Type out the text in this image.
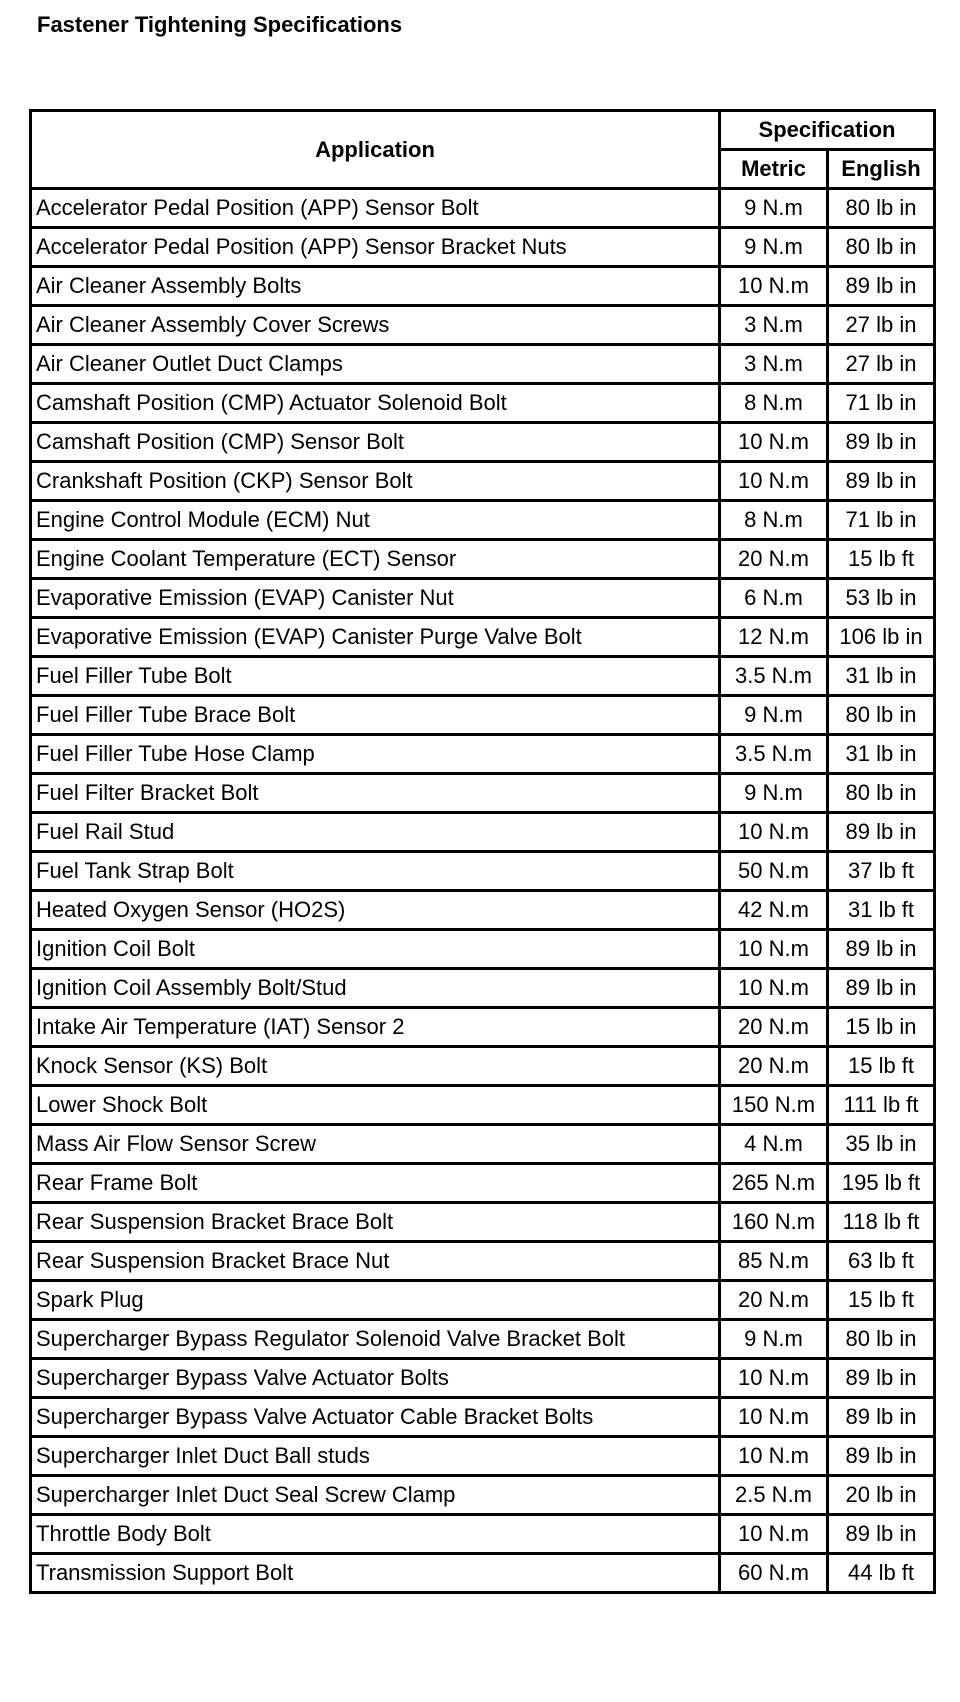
Fastener Tightening Specifications
Application	Specification	
	Metric	English
Accelerator Pedal Position (APP) Sensor Bolt	9 N.m	80 lb in
Accelerator Pedal Position (APP) Sensor Bracket Nuts	9 N.m	80 lb in
Air Cleaner Assembly Bolts	10 N.m	89 lb in
Air Cleaner Assembly Cover Screws	3 N.m	27 lb in
Air Cleaner Outlet Duct Clamps	3 N.m	27 lb in
Camshaft Position (CMP) Actuator Solenoid Bolt	8 N.m	71 lb in
Camshaft Position (CMP) Sensor Bolt	10 N.m	89 lb in
Crankshaft Position (CKP) Sensor Bolt	10 N.m	89 lb in
Engine Control Module (ECM) Nut	8 N.m	71 lb in
Engine Coolant Temperature (ECT) Sensor	20 N.m	15 lb ft
Evaporative Emission (EVAP) Canister Nut	6 N.m	53 lb in
Evaporative Emission (EVAP) Canister Purge Valve Bolt	12 N.m	106 lb in
Fuel Filler Tube Bolt	3.5 N.m	31 lb in
Fuel Filler Tube Brace Bolt	9 N.m	80 lb in
Fuel Filler Tube Hose Clamp	3.5 N.m	31 lb in
Fuel Filter Bracket Bolt	9 N.m	80 lb in
Fuel Rail Stud	10 N.m	89 lb in
Fuel Tank Strap Bolt	50 N.m	37 lb ft
Heated Oxygen Sensor (HO2S)	42 N.m	31 lb ft
Ignition Coil Bolt	10 N.m	89 lb in
Ignition Coil Assembly Bolt/Stud	10 N.m	89 lb in
Intake Air Temperature (IAT) Sensor 2	20 N.m	15 lb in
Knock Sensor (KS) Bolt	20 N.m	15 lb ft
Lower Shock Bolt	150 N.m	111 lb ft
Mass Air Flow Sensor Screw	4 N.m	35 lb in
Rear Frame Bolt	265 N.m	195 lb ft
Rear Suspension Bracket Brace Bolt	160 N.m	118 lb ft
Rear Suspension Bracket Brace Nut	85 N.m	63 lb ft
Spark Plug	20 N.m	15 lb ft
Supercharger Bypass Regulator Solenoid Valve Bracket Bolt	9 N.m	80 lb in
Supercharger Bypass Valve Actuator Bolts	10 N.m	89 lb in
Supercharger Bypass Valve Actuator Cable Bracket Bolts	10 N.m	89 lb in
Supercharger Inlet Duct Ball studs	10 N.m	89 lb in
Supercharger Inlet Duct Seal Screw Clamp	2.5 N.m	20 lb in
Throttle Body Bolt	10 N.m	89 lb in
Transmission Support Bolt	60 N.m	44 lb ft
